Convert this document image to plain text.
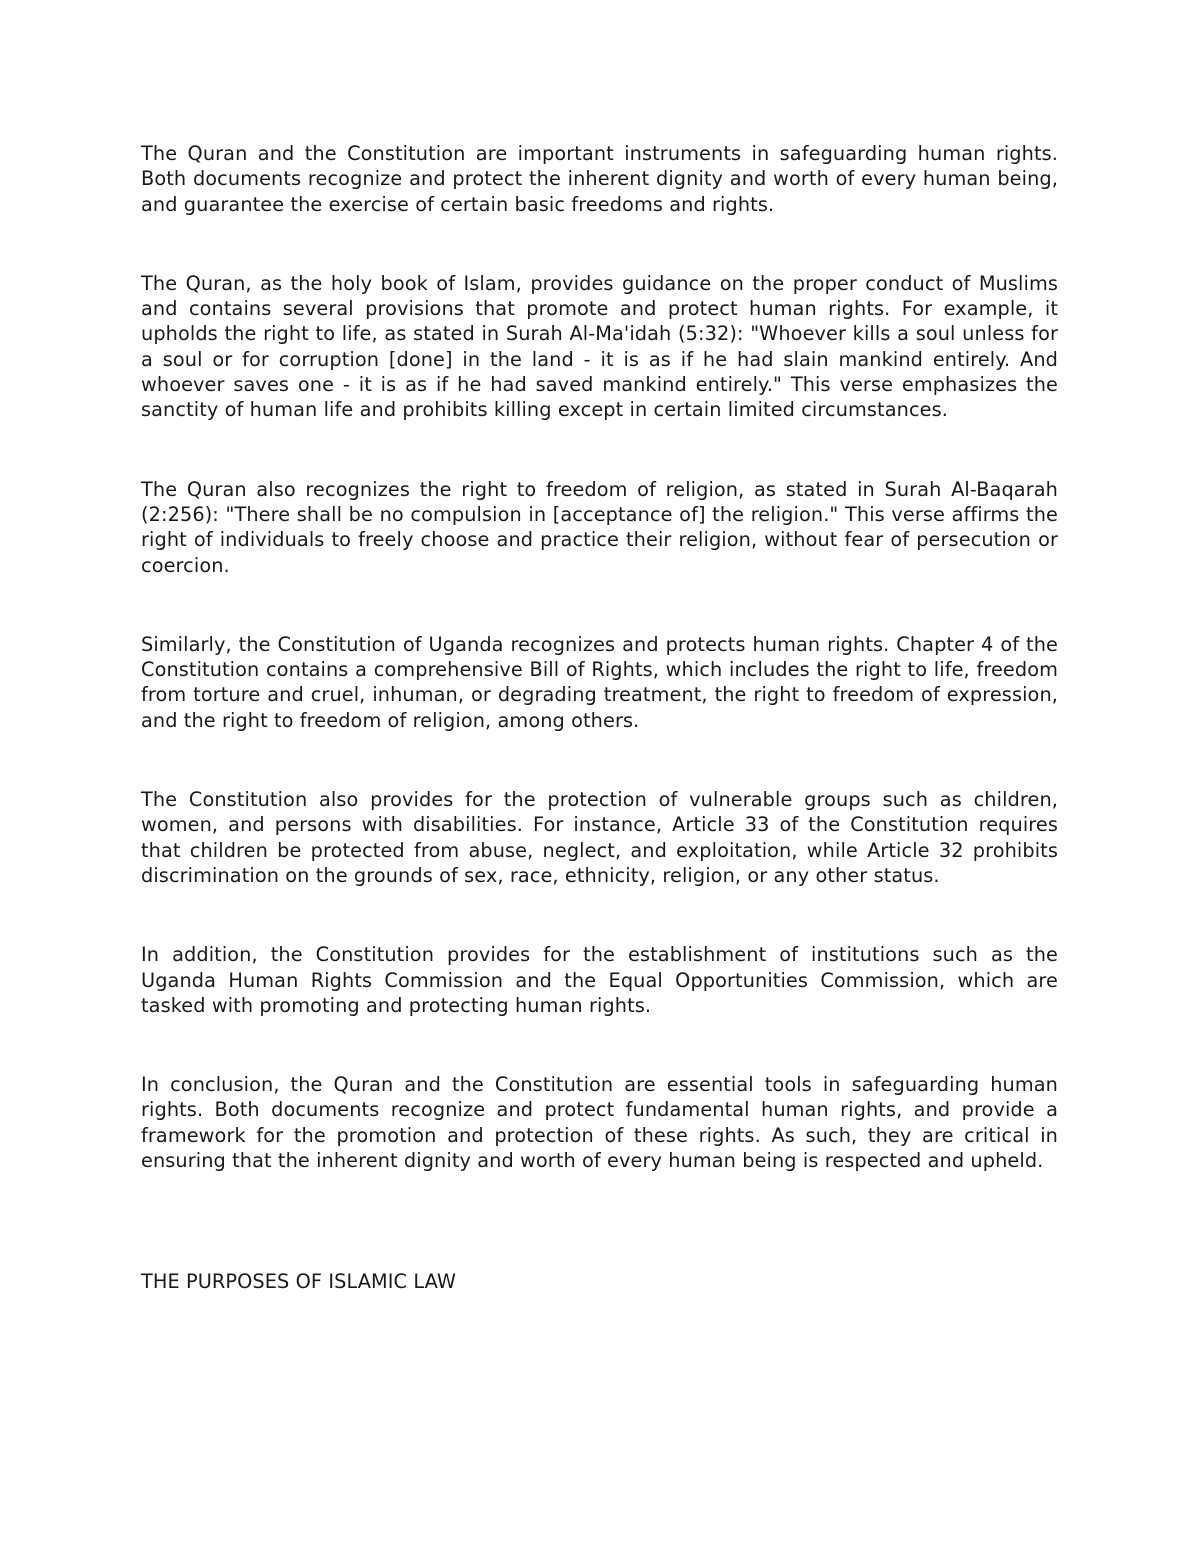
The Quran and the Constitution are important instruments in safeguarding human rights. Both documents recognize and protect the inherent dignity and worth of every human being, and guarantee the exercise of certain basic freedoms and rights.

The Quran, as the holy book of Islam, provides guidance on the proper conduct of Muslims and contains several provisions that promote and protect human rights. For example, it upholds the right to life, as stated in Surah Al-Ma'idah (5:32): "Whoever kills a soul unless for a soul or for corruption [done] in the land - it is as if he had slain mankind entirely. And whoever saves one - it is as if he had saved mankind entirely." This verse emphasizes the sanctity of human life and prohibits killing except in certain limited circumstances.

The Quran also recognizes the right to freedom of religion, as stated in Surah Al-Baqarah (2:256): "There shall be no compulsion in [acceptance of] the religion." This verse affirms the right of individuals to freely choose and practice their religion, without fear of persecution or coercion.

Similarly, the Constitution of Uganda recognizes and protects human rights. Chapter 4 of the Constitution contains a comprehensive Bill of Rights, which includes the right to life, freedom from torture and cruel, inhuman, or degrading treatment, the right to freedom of expression, and the right to freedom of religion, among others.

The Constitution also provides for the protection of vulnerable groups such as children, women, and persons with disabilities. For instance, Article 33 of the Constitution requires that children be protected from abuse, neglect, and exploitation, while Article 32 prohibits discrimination on the grounds of sex, race, ethnicity, religion, or any other status.

In addition, the Constitution provides for the establishment of institutions such as the Uganda Human Rights Commission and the Equal Opportunities Commission, which are tasked with promoting and protecting human rights.

In conclusion, the Quran and the Constitution are essential tools in safeguarding human rights. Both documents recognize and protect fundamental human rights, and provide a framework for the promotion and protection of these rights. As such, they are critical in ensuring that the inherent dignity and worth of every human being is respected and upheld.

THE PURPOSES OF ISLAMIC LAW
